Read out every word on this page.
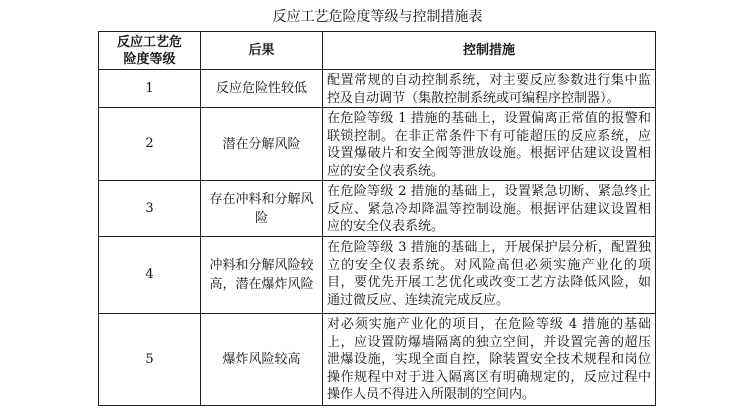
反应工艺危险度等级与控制措施表
反应工艺危险度等级	后果	控制措施
1	反应危险性较低	配置常规的自动控制系统，对主要反应参数进行集中监控及自动调节（集散控制系统或可编程序控制器）。
2	潜在分解风险	在危险等级 1 措施的基础上，设置偏离正常值的报警和联锁控制。在非正常条件下有可能超压的反应系统，应设置爆破片和安全阀等泄放设施。根据评估建议设置相应的安全仪表系统。
3	存在冲料和分解风险	在危险等级 2 措施的基础上，设置紧急切断、紧急终止反应、紧急冷却降温等控制设施。根据评估建议设置相应的安全仪表系统。
4	冲料和分解风险较高，潜在爆炸风险	在危险等级 3 措施的基础上，开展保护层分析，配置独立的安全仪表系统。对风险高但必须实施产业化的项目，要优先开展工艺优化或改变工艺方法降低风险，如通过微反应、连续流完成反应。
5	爆炸风险较高	对必须实施产业化的项目，在危险等级 4 措施的基础上，应设置防爆墙隔离的独立空间，并设置完善的超压泄爆设施，实现全面自控，除装置安全技术规程和岗位操作规程中对于进入隔离区有明确规定的，反应过程中操作人员不得进入所限制的空间内。
